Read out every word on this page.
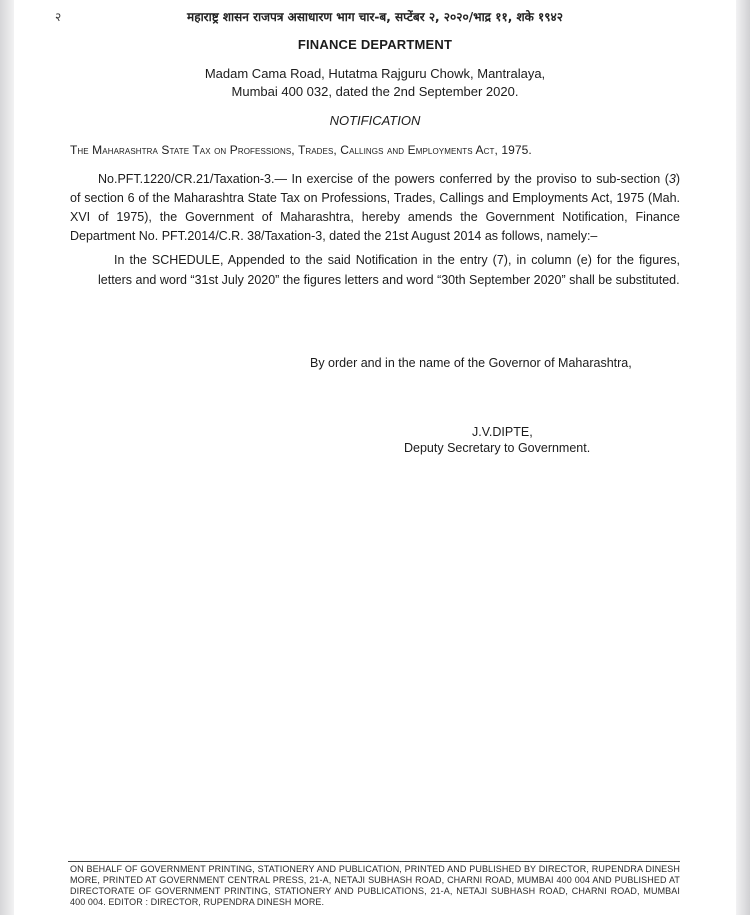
२	महाराष्ट्र शासन राजपत्र असाधारण भाग चार-ब, सप्टेंबर २, २०२०/भाद्र ११, शके १९४२
FINANCE DEPARTMENT
Madam Cama Road, Hutatma Rajguru Chowk, Mantralaya,
Mumbai 400 032, dated the 2nd September 2020.
NOTIFICATION
The Maharashtra State Tax on Professions, Trades, Callings and Employments Act, 1975.
No.PFT.1220/CR.21/Taxation-3.— In exercise of the powers conferred by the proviso to sub-section (3) of section 6 of the Maharashtra State Tax on Professions, Trades, Callings and Employments Act, 1975 (Mah. XVI of 1975), the Government of Maharashtra, hereby amends the Government Notification, Finance Department No. PFT.2014/C.R. 38/Taxation-3, dated the 21st August 2014 as follows, namely:–
In the SCHEDULE, Appended to the said Notification in the entry (7), in column (e) for the figures, letters and word “31st July 2020” the figures letters and word “30th September 2020” shall be substituted.
By order and in the name of the Governor of Maharashtra,
J.V.DIPTE,
Deputy Secretary to Government.
ON BEHALF OF GOVERNMENT PRINTING, STATIONERY AND PUBLICATION, PRINTED AND PUBLISHED BY DIRECTOR, RUPENDRA DINESH MORE, PRINTED AT GOVERNMENT CENTRAL PRESS, 21-A, NETAJI SUBHASH ROAD, CHARNI ROAD, MUMBAI 400 004 AND PUBLISHED AT DIRECTORATE OF GOVERNMENT PRINTING, STATIONERY AND PUBLICATIONS, 21-A, NETAJI SUBHASH ROAD, CHARNI ROAD, MUMBAI 400 004. EDITOR : DIRECTOR, RUPENDRA DINESH MORE.
